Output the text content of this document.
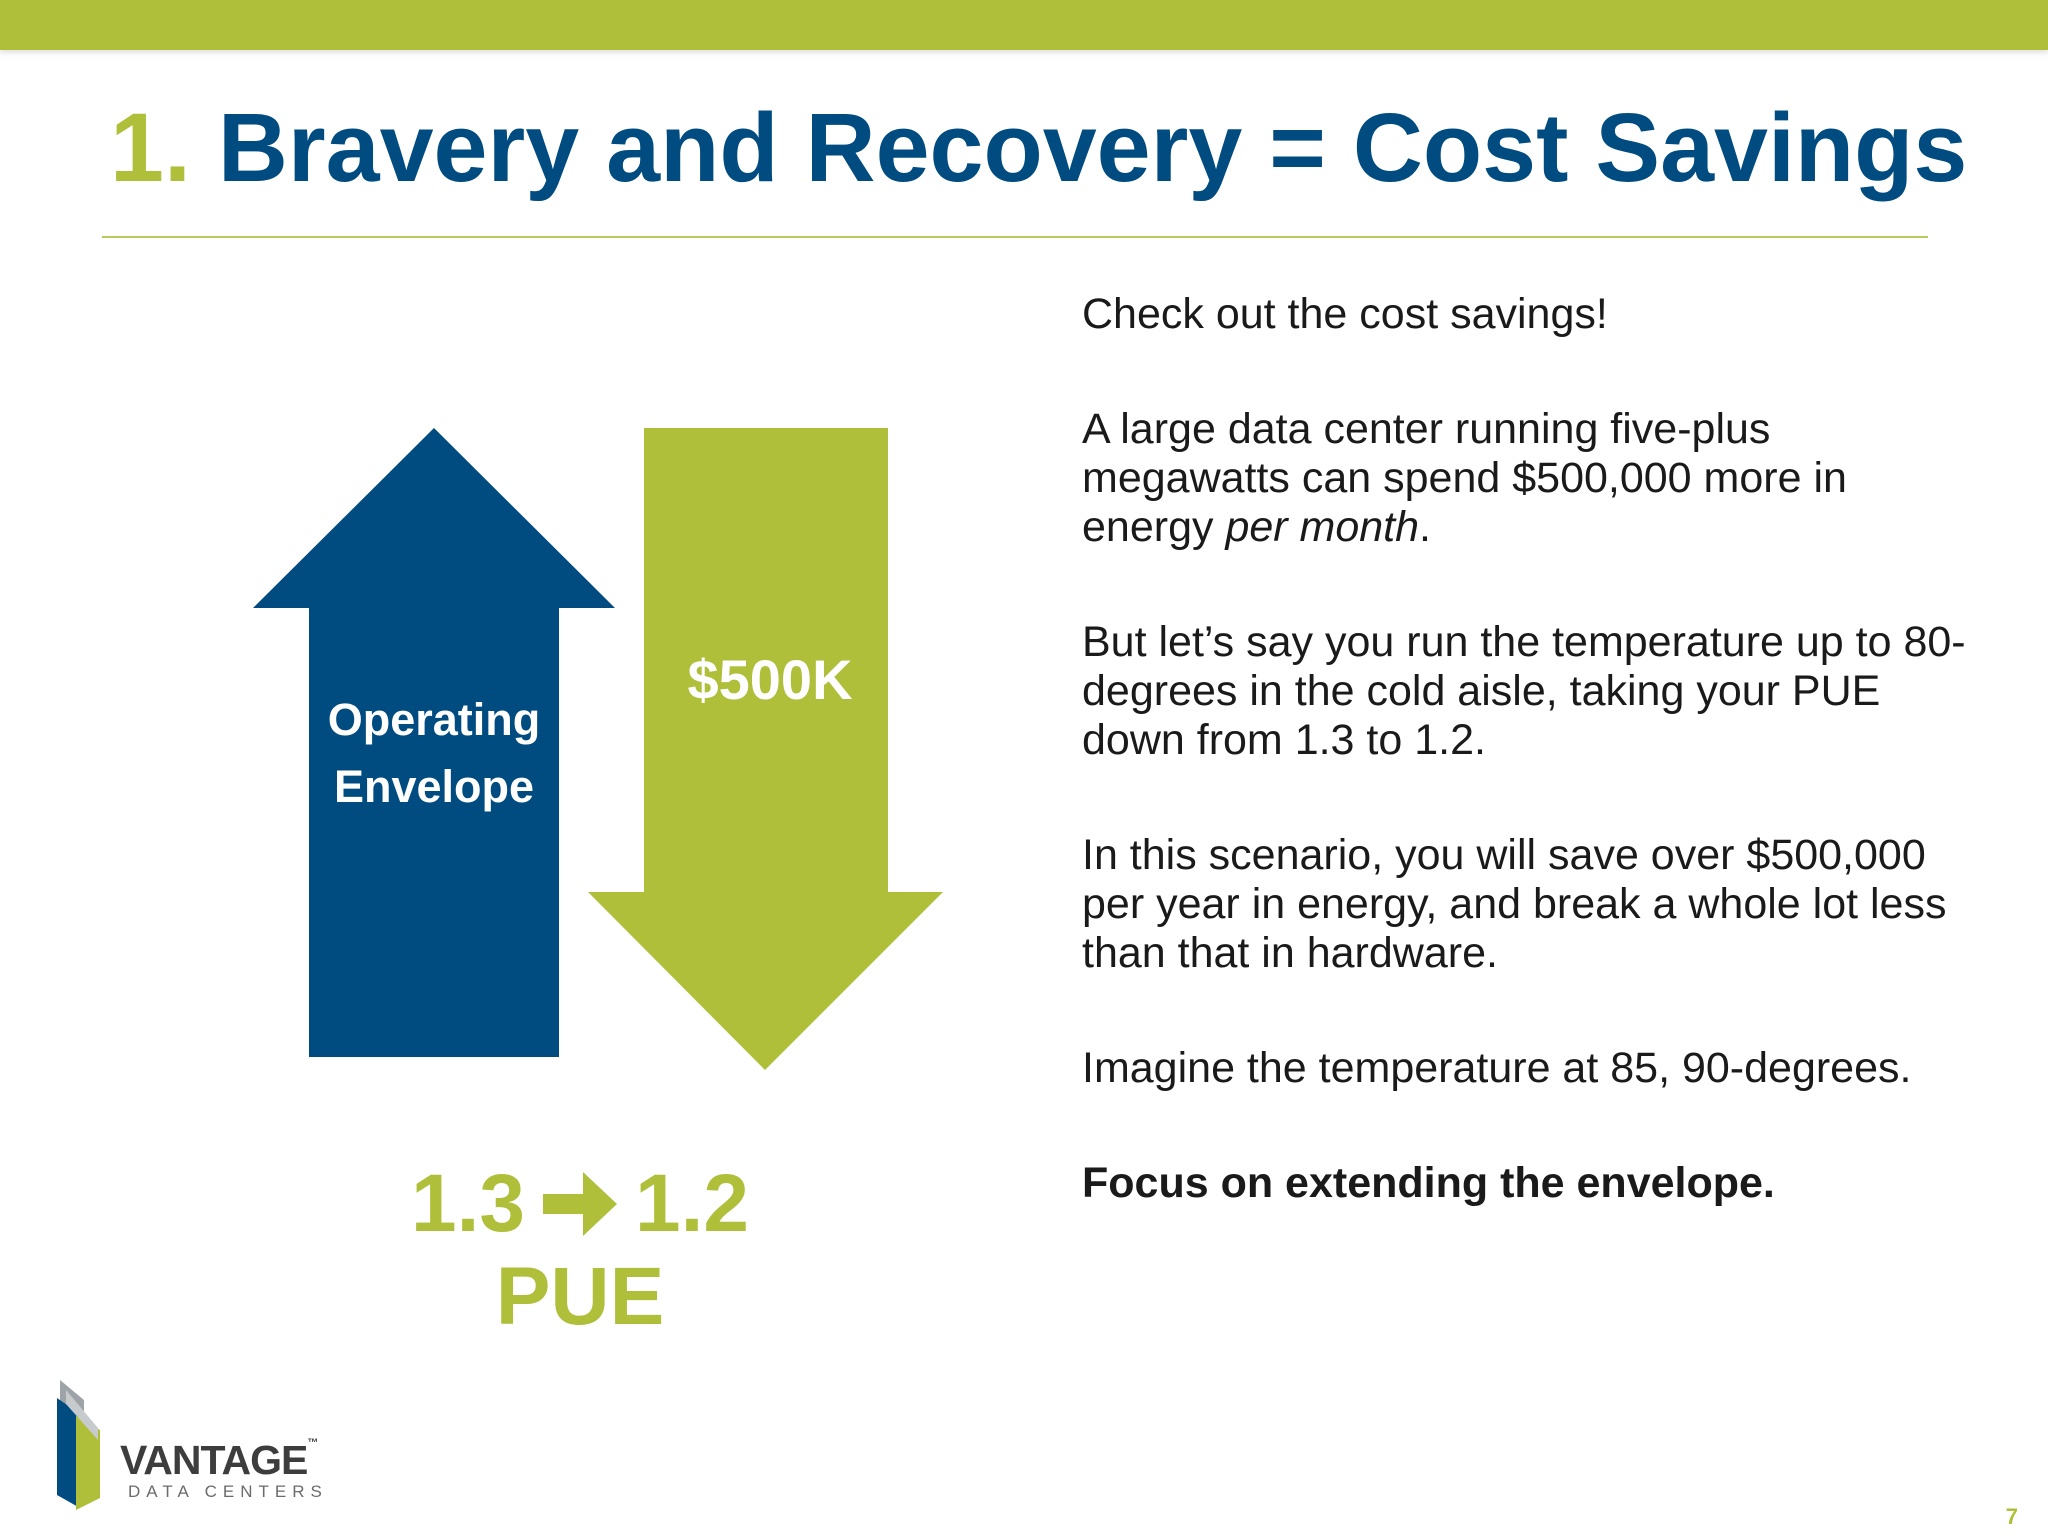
1. Bravery and Recovery = Cost Savings
Operating
Envelope
$500K
1.3 1.2
PUE

Check out the cost savings!

A large data center running five-plus megawatts can spend $500,000 more in energy per month.

But let’s say you run the temperature up to 80-degrees in the cold aisle, taking your PUE down from 1.3 to 1.2.

In this scenario, you will save over $500,000 per year in energy, and break a whole lot less than that in hardware.

Imagine the temperature at 85, 90-degrees.

Focus on extending the envelope.

VANTAGE™
DATA CENTERS
7
